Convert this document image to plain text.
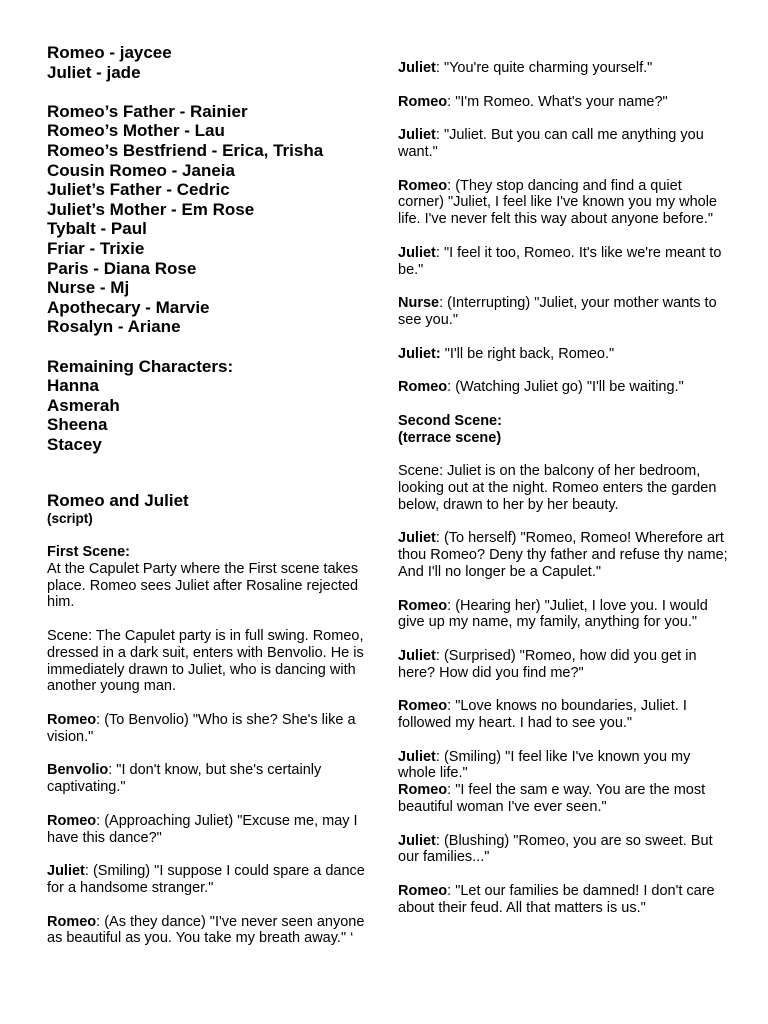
Romeo - jaycee

Juliet - jade

Romeo’s Father - Rainier

Romeo’s Mother - Lau

Romeo’s Bestfriend - Erica, Trisha

Cousin Romeo - Janeia

Juliet’s Father - Cedric

Juliet’s Mother - Em Rose

Tybalt - Paul

Friar - Trixie

Paris - Diana Rose

Nurse - Mj

Apothecary - Marvie

Rosalyn - Ariane

Remaining Characters:

Hanna

Asmerah

Sheena

Stacey

Romeo and Juliet

(script)

First Scene:

At the Capulet Party where the First scene takes place. Romeo sees Juliet after Rosaline rejected him.

Scene: The Capulet party is in full swing. Romeo, dressed in a dark suit, enters with Benvolio. He is immediately drawn to Juliet, who is dancing with another young man.

Romeo: (To Benvolio) "Who is she? She's like a vision."

Benvolio: "I don't know, but she's certainly captivating."

Romeo: (Approaching Juliet) "Excuse me, may I have this dance?"

Juliet: (Smiling) "I suppose I could spare a dance for a handsome stranger."

Romeo: (As they dance) "I've never seen anyone as beautiful as you. You take my breath away." ‘

Juliet: "You're quite charming yourself."

Romeo: "I'm Romeo. What's your name?"

Juliet: "Juliet. But you can call me anything you want."

Romeo: (They stop dancing and find a quiet corner) "Juliet, I feel like I've known you my whole life. I've never felt this way about anyone before."

Juliet: "I feel it too, Romeo. It's like we're meant to be."

Nurse: (Interrupting) "Juliet, your mother wants to see you."

Juliet: "I'll be right back, Romeo."

Romeo: (Watching Juliet go) "I'll be waiting."

Second Scene:

(terrace scene)

Scene: Juliet is on the balcony of her bedroom, looking out at the night. Romeo enters the garden below, drawn to her by her beauty.

Juliet: (To herself) "Romeo, Romeo! Wherefore art thou Romeo? Deny thy father and refuse thy name; And I'll no longer be a Capulet."

Romeo: (Hearing her) "Juliet, I love you. I would give up my name, my family, anything for you."

Juliet: (Surprised) "Romeo, how did you get in here? How did you find me?"

Romeo: "Love knows no boundaries, Juliet. I followed my heart. I had to see you."

Juliet: (Smiling) "I feel like I've known you my whole life."

Romeo: "I feel the sam e way. You are the most beautiful woman I've ever seen."

Juliet: (Blushing) "Romeo, you are so sweet. But our families..."

Romeo: "Let our families be damned! I don't care about their feud. All that matters is us."
